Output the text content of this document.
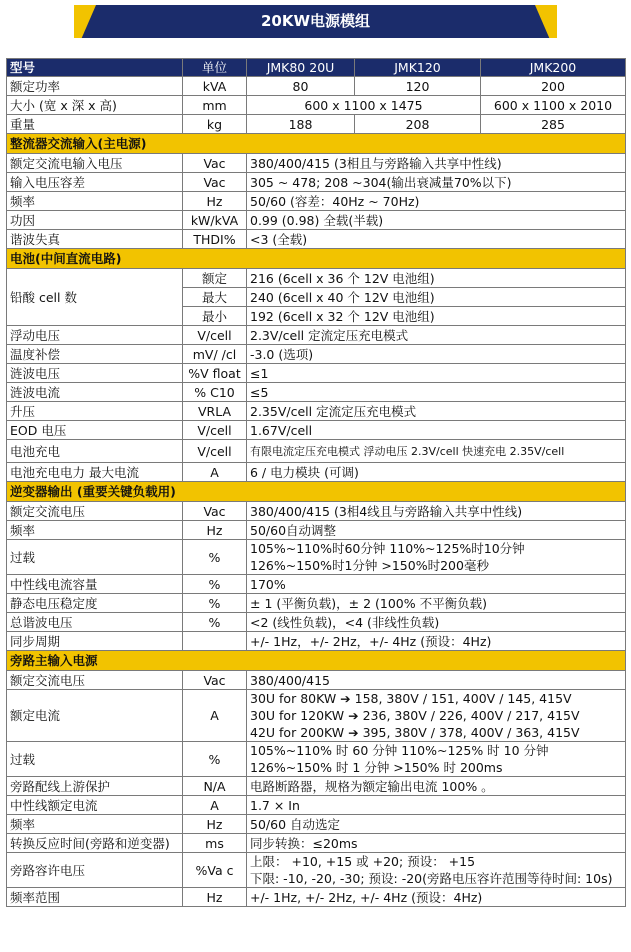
20KW电源模组
型号	单位	JMK80 20U	JMK120	JMK200
额定功率	kVA	80	120	200
大小 (宽 x 深 x 高)	mm	600 x 1100 x 1475		600 x 1100 x 2010
重量	kg	188	208	285
整流器交流输入(主电源)				
额定交流电输入电压	Vac	380/400/415 (3相且与旁路输入共享中性线)		
输入电压容差	Vac	305 ~ 478; 208 ~304(输出衰减量70%以下)		
频率	Hz	50/60 (容差：40Hz ~ 70Hz)		
功因	kW/kVA	0.99 (0.98) 全载(半载)		
谐波失真	THDI%	<3 (全载)		
电池(中间直流电路)				
铅酸 cell 数	额定	216 (6cell x 36 个 12V 电池组)		
	最大	240 (6cell x 40 个 12V 电池组)		
	最小	192 (6cell x 32 个 12V 电池组)		
浮动电压	V/cell	2.3V/cell 定流定压充电模式		
温度补偿	mV/ /cl	-3.0 (选项)		
涟波电压	%V float	≤1		
涟波电流	% C10	≤5		
升压	VRLA	2.35V/cell 定流定压充电模式		
EOD 电压	V/cell	1.67V/cell		
电池充电	V/cell	有限电流定压充电模式 浮动电压 2.3V/cell 快速充电 2.35V/cell		
电池充电电力 最大电流	A	6 / 电力模块 (可调)		
逆变器输出 (重要关键负载用)				
额定交流电压	Vac	380/400/415 (3相4线且与旁路输入共享中性线)		
频率	Hz	50/60自动调整		
过载	%	105%~110%时60分钟 110%~125%时10分钟
126%~150%时1分钟 >150%时200毫秒		

中性线电流容量	%	170%		
静态电压稳定度	%	± 1 (平衡负载)，± 2 (100% 不平衡负载)		
总谐波电压	%	<2 (线性负载)，<4 (非线性负载)		
同步周期		+/- 1Hz，+/- 2Hz，+/- 4Hz (预设：4Hz)		
旁路主输入电源				
额定交流电压	Vac	380/400/415		
额定电流	A	30U for 80KW ➔ 158, 380V / 151, 400V / 145, 415V
30U for 120KW ➔ 236, 380V / 226, 400V / 217, 415V
42U for 200KW ➔ 395, 380V / 378, 400V / 363, 415V		

过载	%	105%~110% 时 60 分钟 110%~125% 时 10 分钟
126%~150% 时 1 分钟 >150% 时 200ms		

旁路配线上游保护	N/A	电路断路器，规格为额定输出电流 100% 。		
中性线额定电流	A	1.7 × In		
频率	Hz	50/60 自动选定		
转换反应时间(旁路和逆变器)	ms	同步转换：≤20ms		
旁路容许电压	%Va c	上限： +10, +15 或 +20; 预设： +15
下限: -10, -20, -30; 预设: -20(旁路电压容许范围等待时间: 10s)		

频率范围	Hz	+/- 1Hz, +/- 2Hz, +/- 4Hz (预设：4Hz)		
